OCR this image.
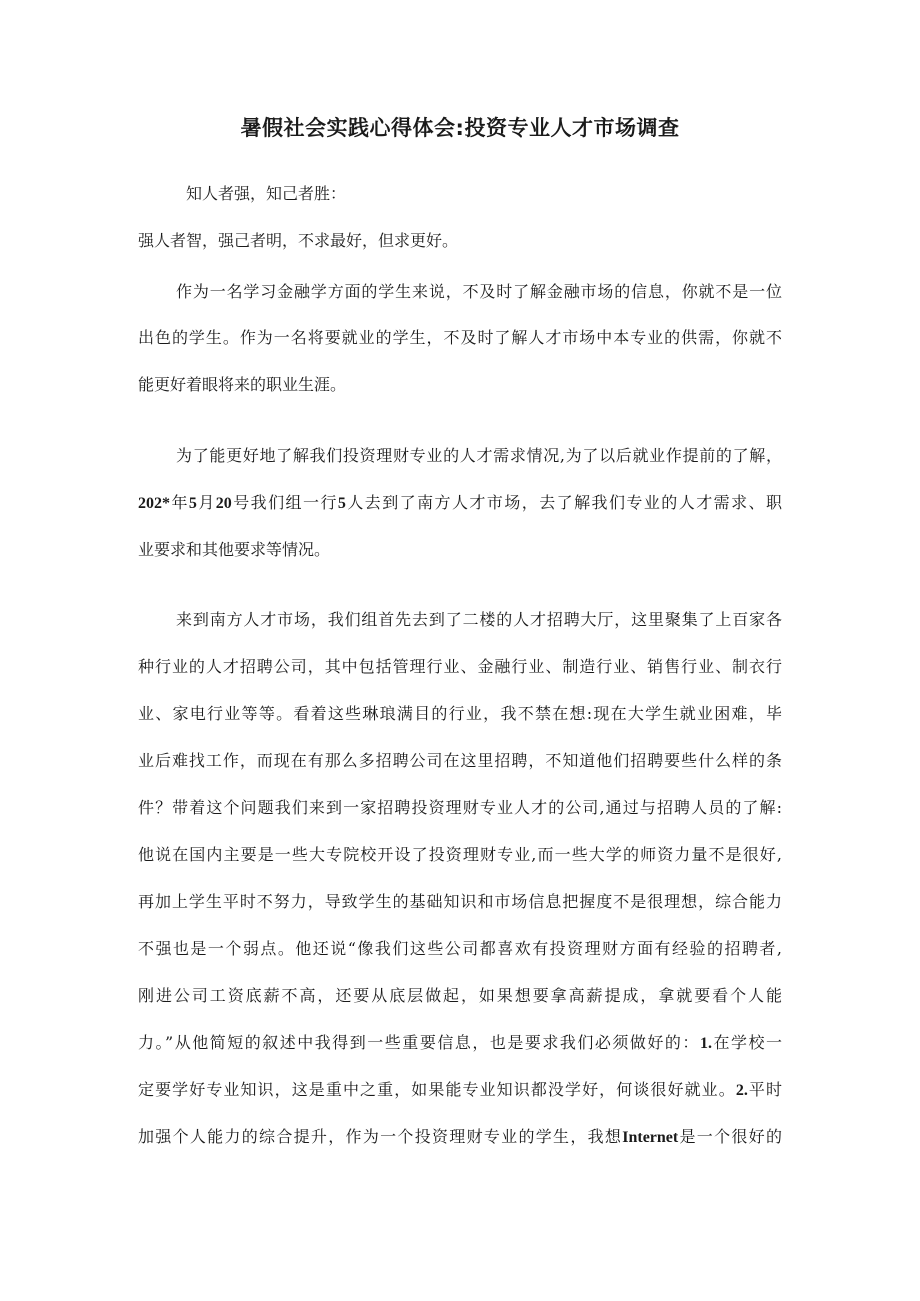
暑假社会实践心得体会:投资专业人才市场调查
知人者强，知己者胜：
强人者智，强己者明，不求最好，但求更好。
作为一名学习金融学方面的学生来说，不及时了解金融市场的信息，你就不是一位
出色的学生。作为一名将要就业的学生，不及时了解人才市场中本专业的供需，你就不
能更好着眼将来的职业生涯。
为了能更好地了解我们投资理财专业的人才需求情况,为了以后就业作提前的了解，
202*年5月20号我们组一行5人去到了南方人才市场，去了解我们专业的人才需求、职
业要求和其他要求等情况。
来到南方人才市场，我们组首先去到了二楼的人才招聘大厅，这里聚集了上百家各
种行业的人才招聘公司，其中包括管理行业、金融行业、制造行业、销售行业、制衣行
业、家电行业等等。看着这些琳琅满目的行业，我不禁在想:现在大学生就业困难，毕
业后难找工作，而现在有那么多招聘公司在这里招聘，不知道他们招聘要些什么样的条
件？带着这个问题我们来到一家招聘投资理财专业人才的公司,通过与招聘人员的了解:
他说在国内主要是一些大专院校开设了投资理财专业,而一些大学的师资力量不是很好,
再加上学生平时不努力，导致学生的基础知识和市场信息把握度不是很理想，综合能力
不强也是一个弱点。他还说“像我们这些公司都喜欢有投资理财方面有经验的招聘者,
刚进公司工资底薪不高，还要从底层做起，如果想要拿高薪提成，拿就要看个人能
力。”从他简短的叙述中我得到一些重要信息，也是要求我们必须做好的：1.在学校一
定要学好专业知识，这是重中之重，如果能专业知识都没学好，何谈很好就业。2.平时
加强个人能力的综合提升，作为一个投资理财专业的学生，我想Internet是一个很好的
